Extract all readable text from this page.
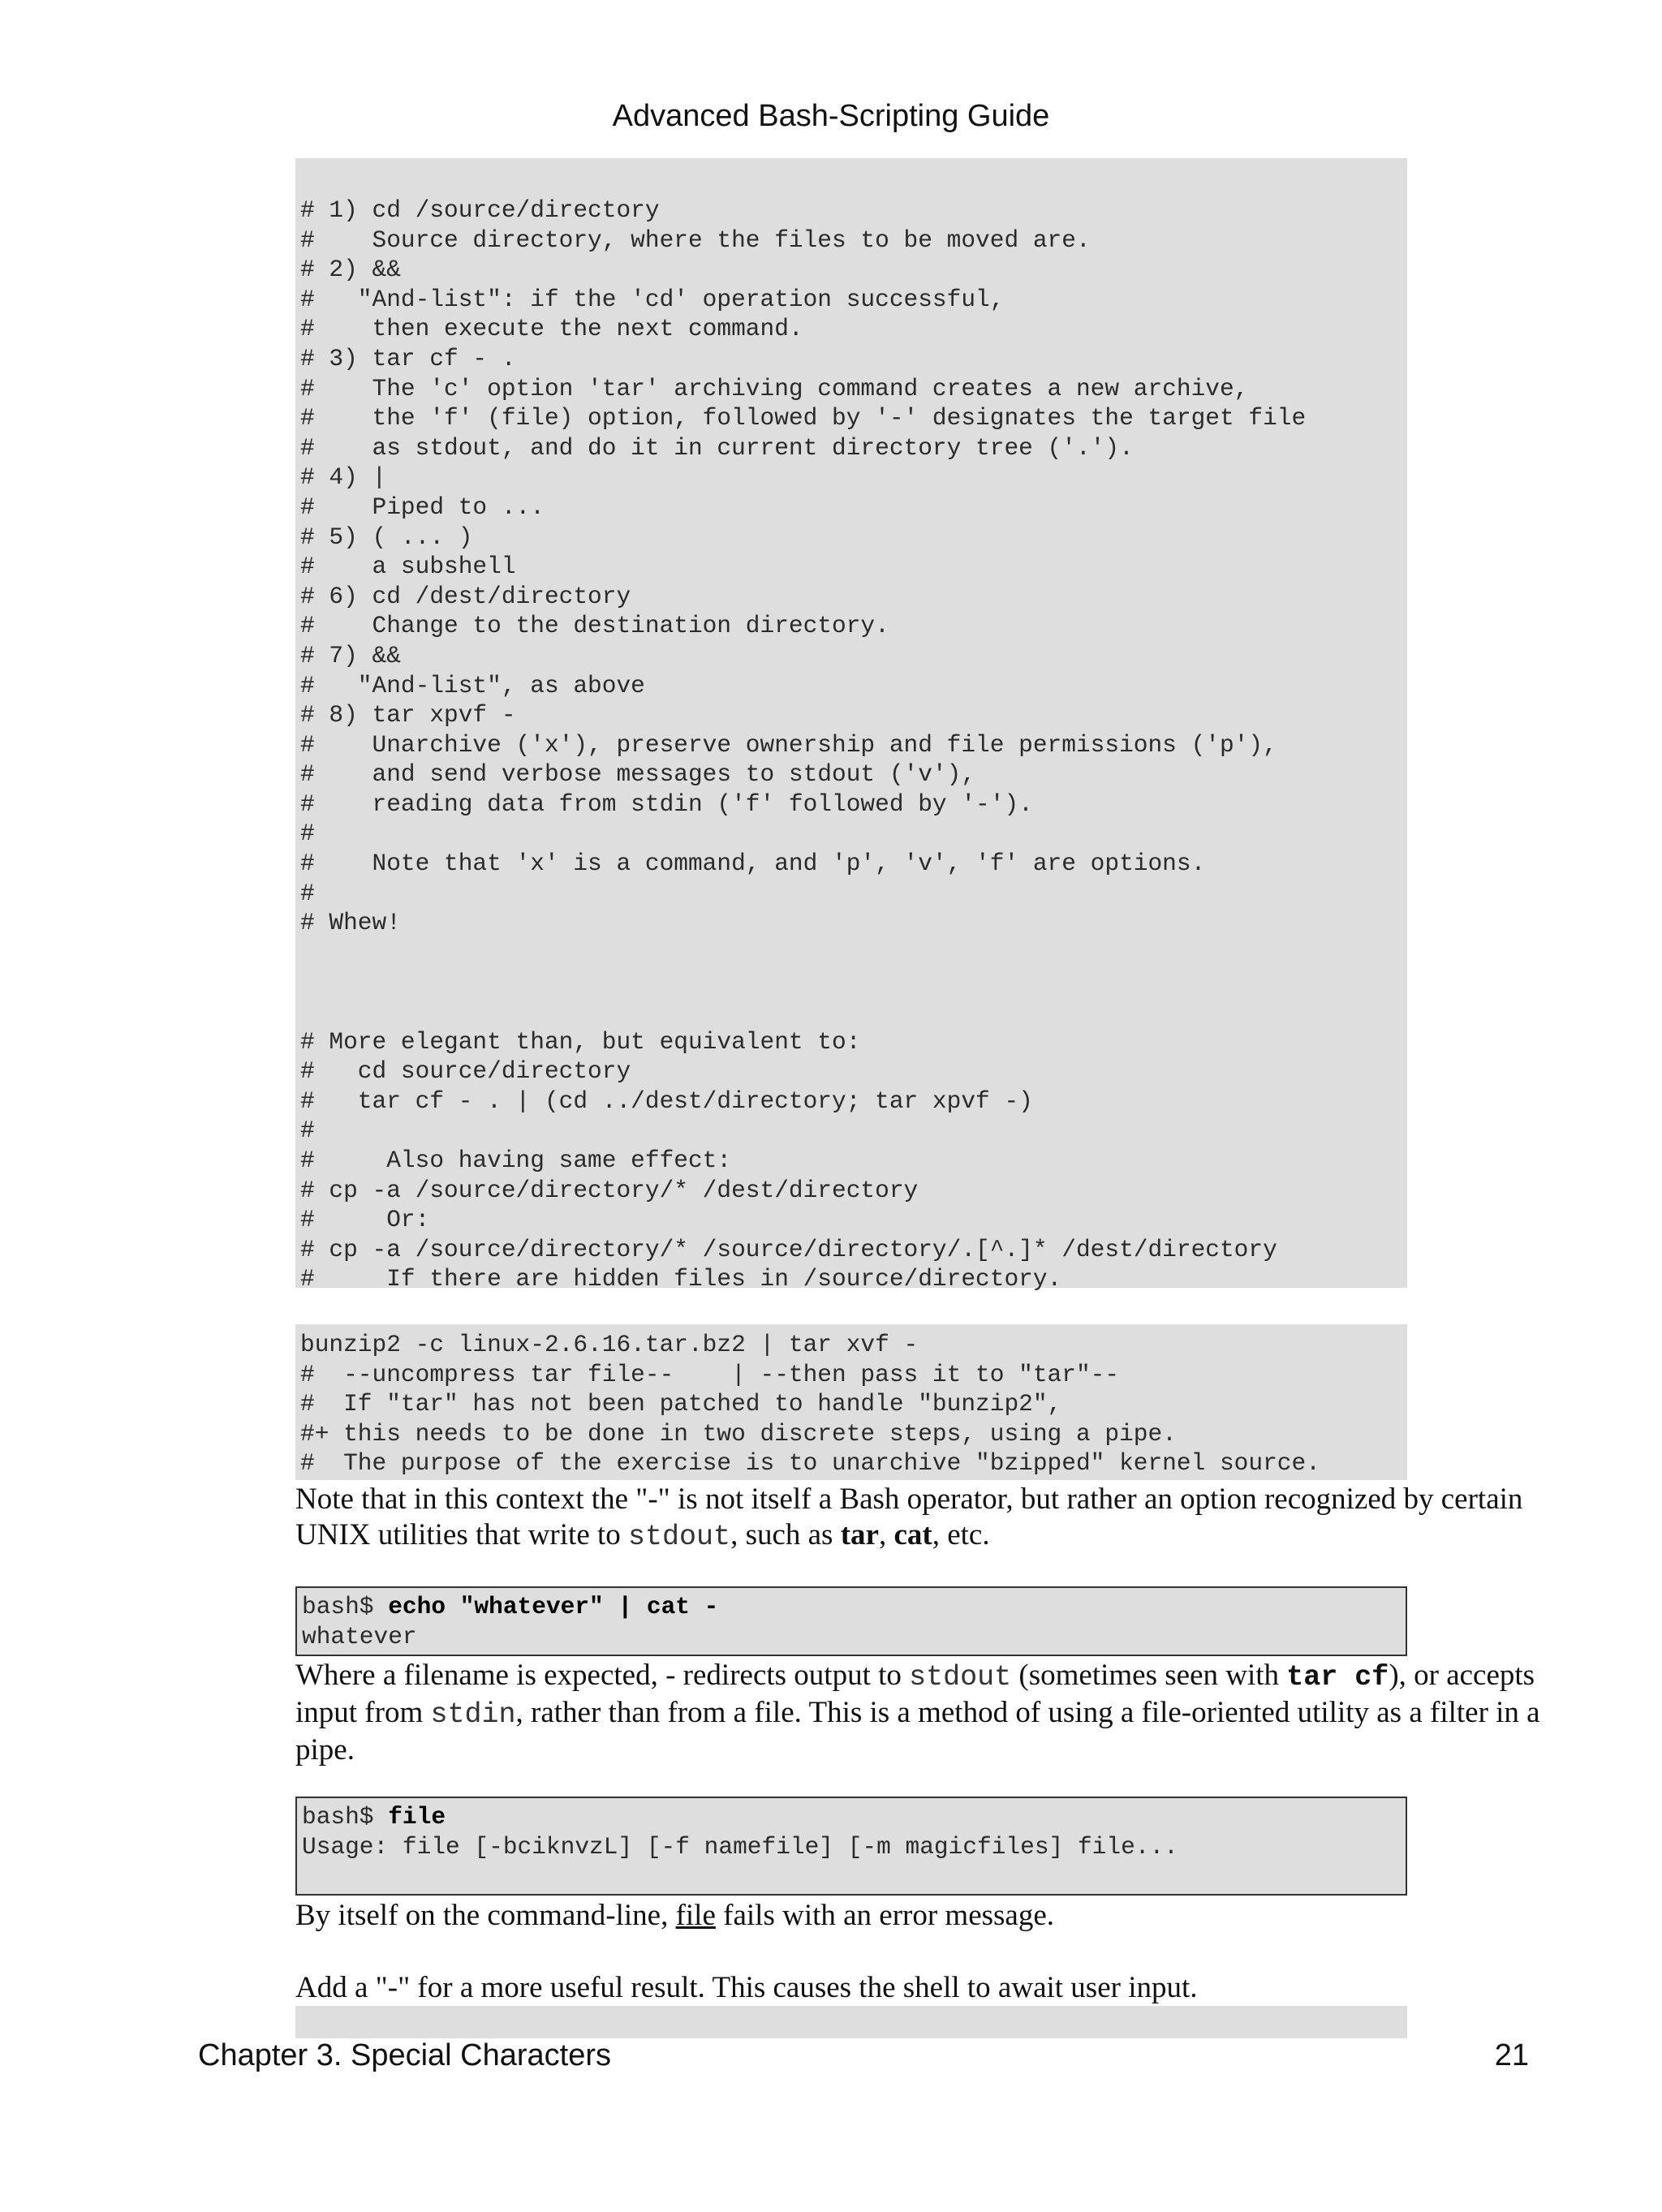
Advanced Bash-Scripting Guide
# 1) cd /source/directory
#    Source directory, where the files to be moved are.
# 2) &&
#   "And-list": if the 'cd' operation successful,
#    then execute the next command.
# 3) tar cf - .
#    The 'c' option 'tar' archiving command creates a new archive,
#    the 'f' (file) option, followed by '-' designates the target file
#    as stdout, and do it in current directory tree ('.').
# 4) |
#    Piped to ...
# 5) ( ... )
#    a subshell
# 6) cd /dest/directory
#    Change to the destination directory.
# 7) &&
#   "And-list", as above
# 8) tar xpvf -
#    Unarchive ('x'), preserve ownership and file permissions ('p'),
#    and send verbose messages to stdout ('v'),
#    reading data from stdin ('f' followed by '-').
#
#    Note that 'x' is a command, and 'p', 'v', 'f' are options.
#
# Whew!

# More elegant than, but equivalent to:
#   cd source/directory
#   tar cf - . | (cd ../dest/directory; tar xpvf -)
#
#     Also having same effect:
# cp -a /source/directory/* /dest/directory
#     Or:
# cp -a /source/directory/* /source/directory/.[^.]* /dest/directory
#     If there are hidden files in /source/directory.
bunzip2 -c linux-2.6.16.tar.bz2 | tar xvf -
#  --uncompress tar file--    | --then pass it to "tar"--
#  If "tar" has not been patched to handle "bunzip2",
#+ this needs to be done in two discrete steps, using a pipe.
#  The purpose of the exercise is to unarchive "bzipped" kernel source.
Note that in this context the "-" is not itself a Bash operator, but rather an option recognized by certain UNIX utilities that write to stdout, such as tar, cat, etc.
bash$ echo "whatever" | cat -
whatever
Where a filename is expected, - redirects output to stdout (sometimes seen with tar cf), or accepts input from stdin, rather than from a file. This is a method of using a file-oriented utility as a filter in a pipe.
bash$ file
Usage: file [-bciknvzL] [-f namefile] [-m magicfiles] file...
By itself on the command-line, file fails with an error message.
Add a "-" for a more useful result. This causes the shell to await user input.
Chapter 3. Special Characters	21
